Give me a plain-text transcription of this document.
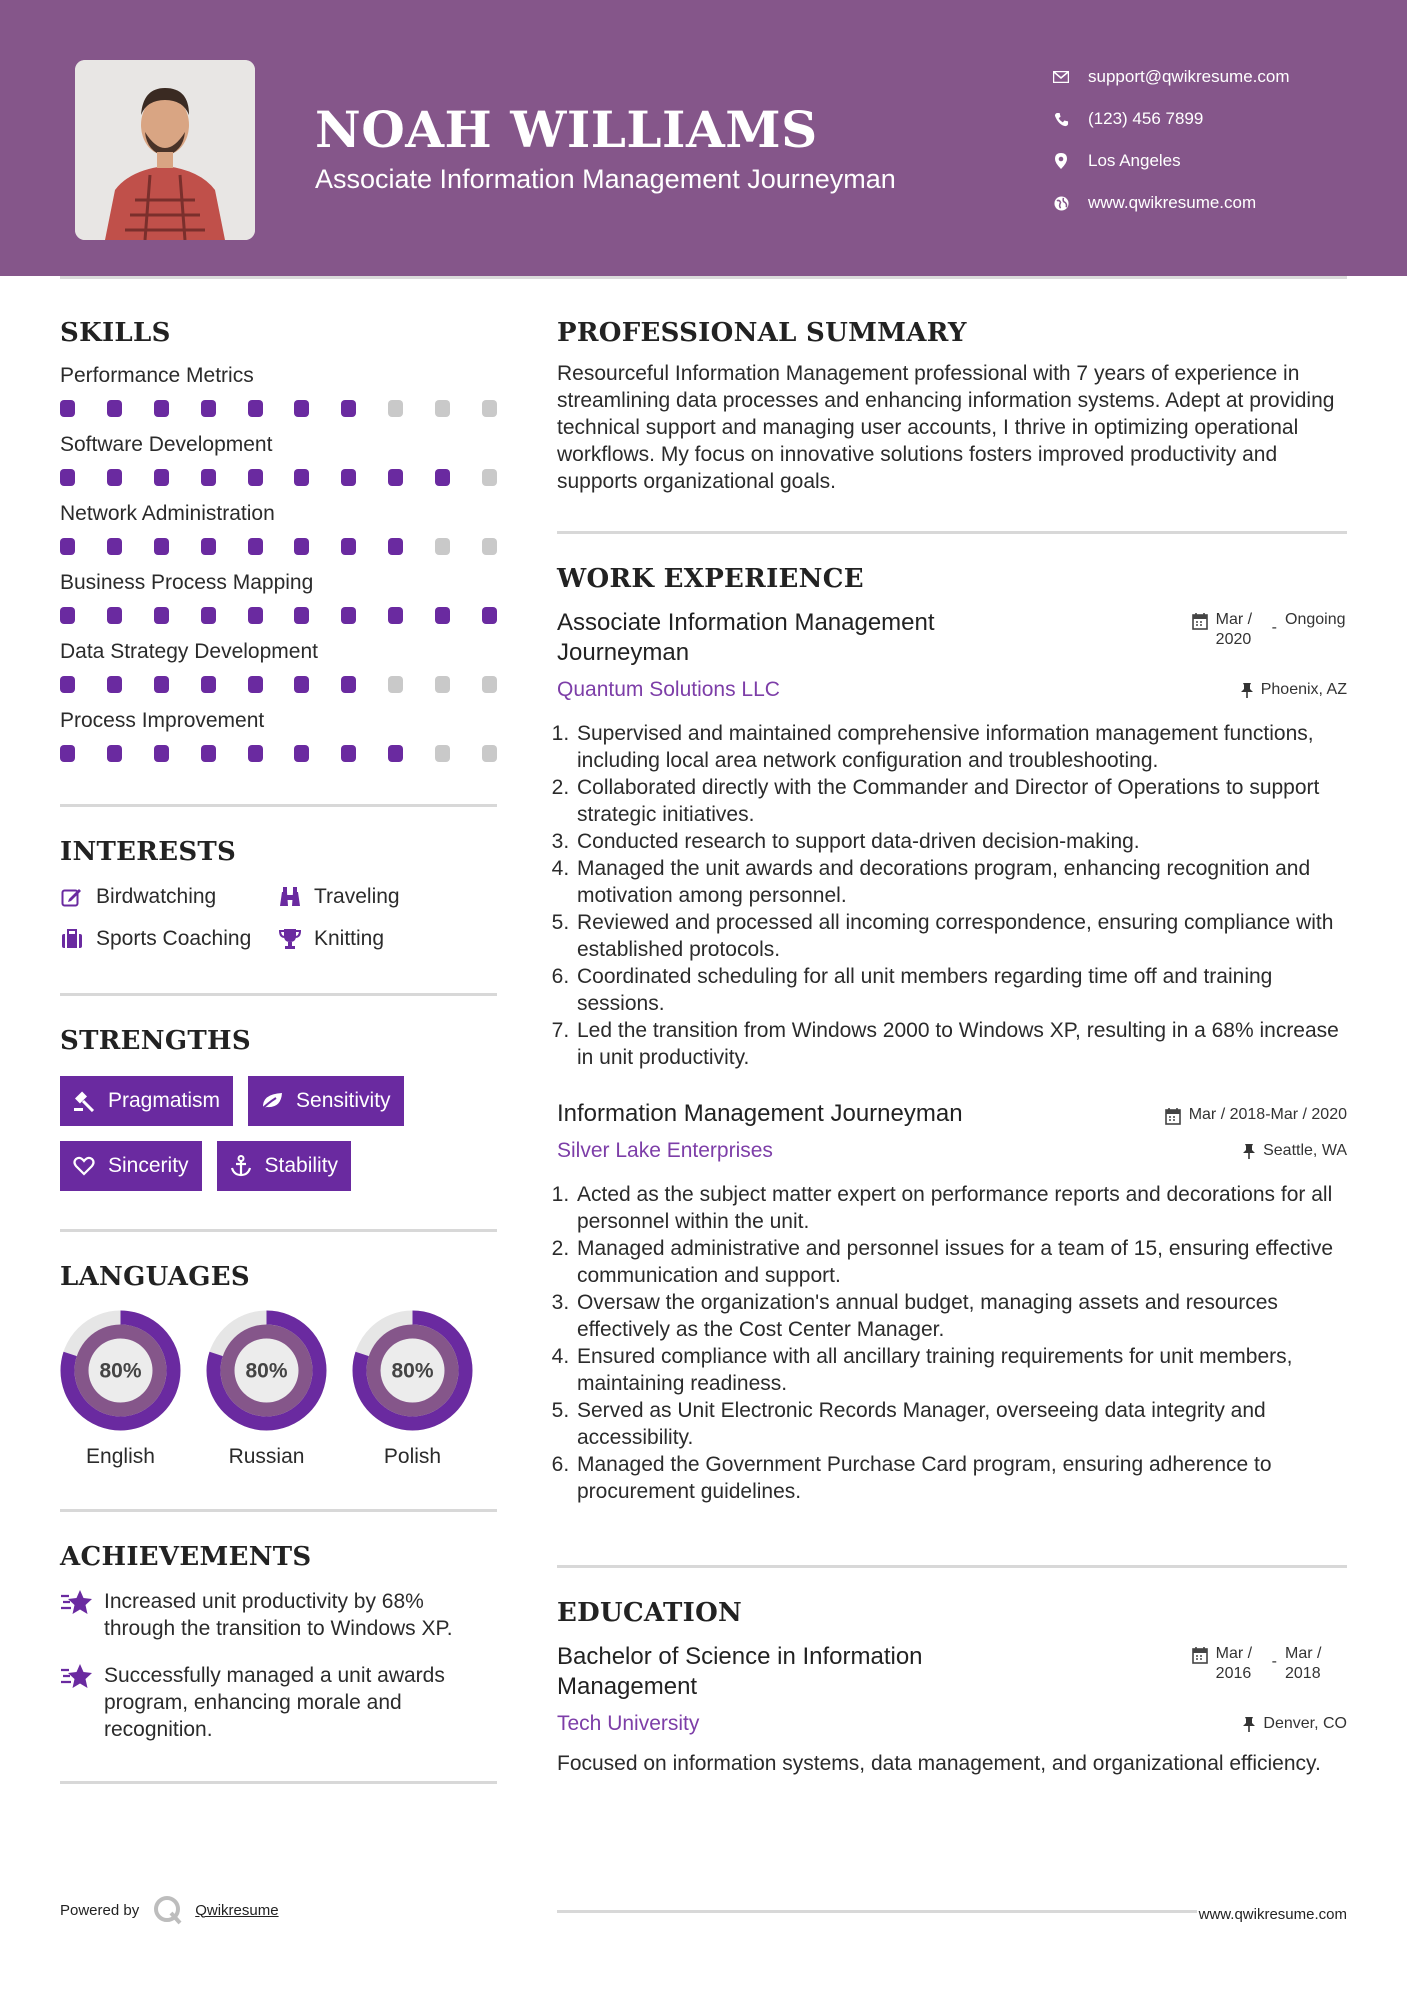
NOAH WILLIAMS
Associate Information Management Journeyman
support@qwikresume.com
(123) 456 7899
Los Angeles
www.qwikresume.com
SKILLS
Performance Metrics
Software Development
Network Administration
Business Process Mapping
Data Strategy Development
Process Improvement
INTERESTS
Birdwatching	Traveling
Sports Coaching	Knitting
STRENGTHS
Pragmatism	Sensitivity
Sincerity	Stability
LANGUAGES
80%
English
80%
Russian
80%
Polish
ACHIEVEMENTS
Increased unit productivity by 68% through the transition to Windows XP.
Successfully managed a unit awards program, enhancing morale and recognition.
Powered by	Qwikresume
PROFESSIONAL SUMMARY
Resourceful Information Management professional with 7 years of experience in streamlining data processes and enhancing information systems. Adept at providing technical support and managing user accounts, I thrive in optimizing operational workflows. My focus on innovative solutions fosters improved productivity and supports organizational goals.
WORK EXPERIENCE
Associate Information Management Journeyman
Mar / 2020
- Ongoing
Quantum Solutions LLC	Phoenix, AZ
1. Supervised and maintained comprehensive information management functions, including local area network configuration and troubleshooting.
2. Collaborated directly with the Commander and Director of Operations to support strategic initiatives.
3. Conducted research to support data-driven decision-making.
4. Managed the unit awards and decorations program, enhancing recognition and motivation among personnel.
5. Reviewed and processed all incoming correspondence, ensuring compliance with established protocols.
6. Coordinated scheduling for all unit members regarding time off and training sessions.
7. Led the transition from Windows 2000 to Windows XP, resulting in a 68% increase in unit productivity.
Information Management Journeyman	Mar / 2018-Mar / 2020
Silver Lake Enterprises	Seattle, WA
1. Acted as the subject matter expert on performance reports and decorations for all personnel within the unit.
2. Managed administrative and personnel issues for a team of 15, ensuring effective communication and support.
3. Oversaw the organization's annual budget, managing assets and resources effectively as the Cost Center Manager.
4. Ensured compliance with all ancillary training requirements for unit members, maintaining readiness.
5. Served as Unit Electronic Records Manager, overseeing data integrity and accessibility.
6. Managed the Government Purchase Card program, ensuring adherence to procurement guidelines.
EDUCATION
Bachelor of Science in Information Management
Mar / 2016
- Mar / 2018
Tech University	Denver, CO
Focused on information systems, data management, and organizational efficiency.
www.qwikresume.com
